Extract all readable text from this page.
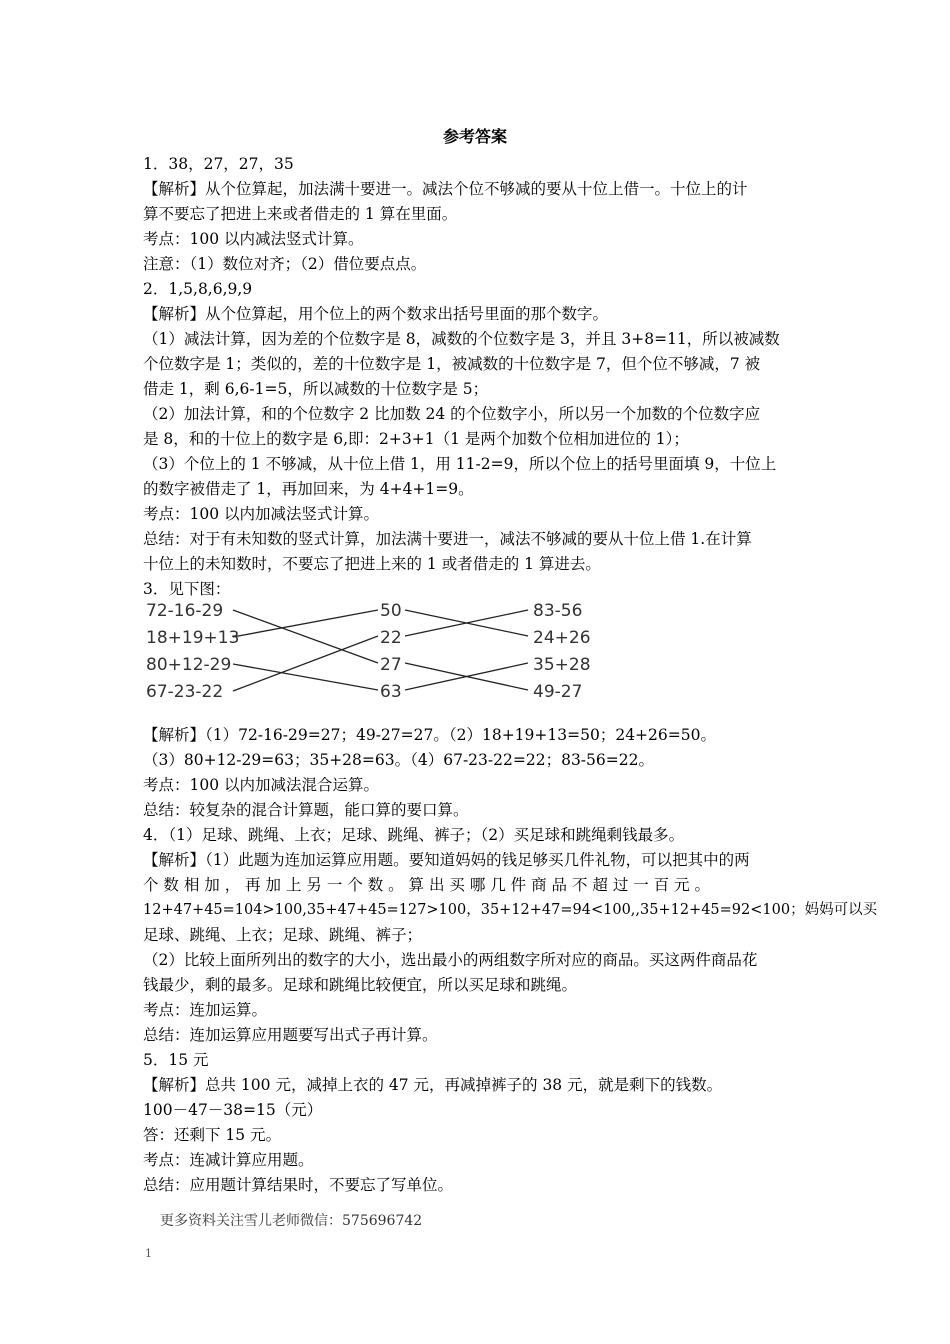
参考答案
1．38，27，27，35
【解析】从个位算起，加法满十要进一。减法个位不够减的要从十位上借一。十位上的计
算不要忘了把进上来或者借走的 1 算在里面。
考点：100 以内减法竖式计算。
注意：（1）数位对齐；（2）借位要点点。
2．1,5,8,6,9,9
【解析】从个位算起，用个位上的两个数求出括号里面的那个数字。
（1）减法计算，因为差的个位数字是 8，减数的个位数字是 3，并且 3+8=11，所以被减数
个位数字是 1；类似的，差的十位数字是 1，被减数的十位数字是 7，但个位不够减，7 被
借走 1，剩 6,6-1=5，所以减数的十位数字是 5；
（2）加法计算，和的个位数字 2 比加数 24 的个位数字小，所以另一个加数的个位数字应
是 8，和的十位上的数字是 6,即：2+3+1（1 是两个加数个位相加进位的 1）；
（3）个位上的 1 不够减，从十位上借 1，用 11-2=9，所以个位上的括号里面填 9，十位上
的数字被借走了 1，再加回来，为 4+4+1=9。
考点：100 以内加减法竖式计算。
总结：对于有未知数的竖式计算，加法满十要进一，减法不够减的要从十位上借 1.在计算
十位上的未知数时，不要忘了把进上来的 1 或者借走的 1 算进去。
3．见下图：
72-16-29
18+19+13
80+12-29
67-23-22
50
22
27
63
83-56
24+26
35+28
49-27
【解析】（1）72-16-29=27；49-27=27。（2）18+19+13=50；24+26=50。
（3）80+12-29=63；35+28=63。（4）67-23-22=22；83-56=22。
考点：100 以内加减法混合运算。
总结：较复杂的混合计算题，能口算的要口算。
4．（1）足球、跳绳、上衣；足球、跳绳、裤子；（2）买足球和跳绳剩钱最多。
【解析】（1）此题为连加运算应用题。要知道妈妈的钱足够买几件礼物，可以把其中的两
个 数 相 加 ， 再 加 上 另 一 个 数 。 算 出 买 哪 几 件 商 品 不 超 过 一 百 元 。
12+47+45=104>100,35+47+45=127>100，35+12+47=94<100,,35+12+45=92<100；妈妈可以买
足球、跳绳、上衣；足球、跳绳、裤子；
（2）比较上面所列出的数字的大小，选出最小的两组数字所对应的商品。买这两件商品花
钱最少，剩的最多。足球和跳绳比较便宜，所以买足球和跳绳。
考点：连加运算。
总结：连加运算应用题要写出式子再计算。
5．15 元
【解析】总共 100 元，减掉上衣的 47 元，再减掉裤子的 38 元，就是剩下的钱数。
100－47－38=15（元）
答：还剩下 15 元。
考点：连减计算应用题。
总结：应用题计算结果时，不要忘了写单位。
更多资料关注雪儿老师微信：575696742
1
